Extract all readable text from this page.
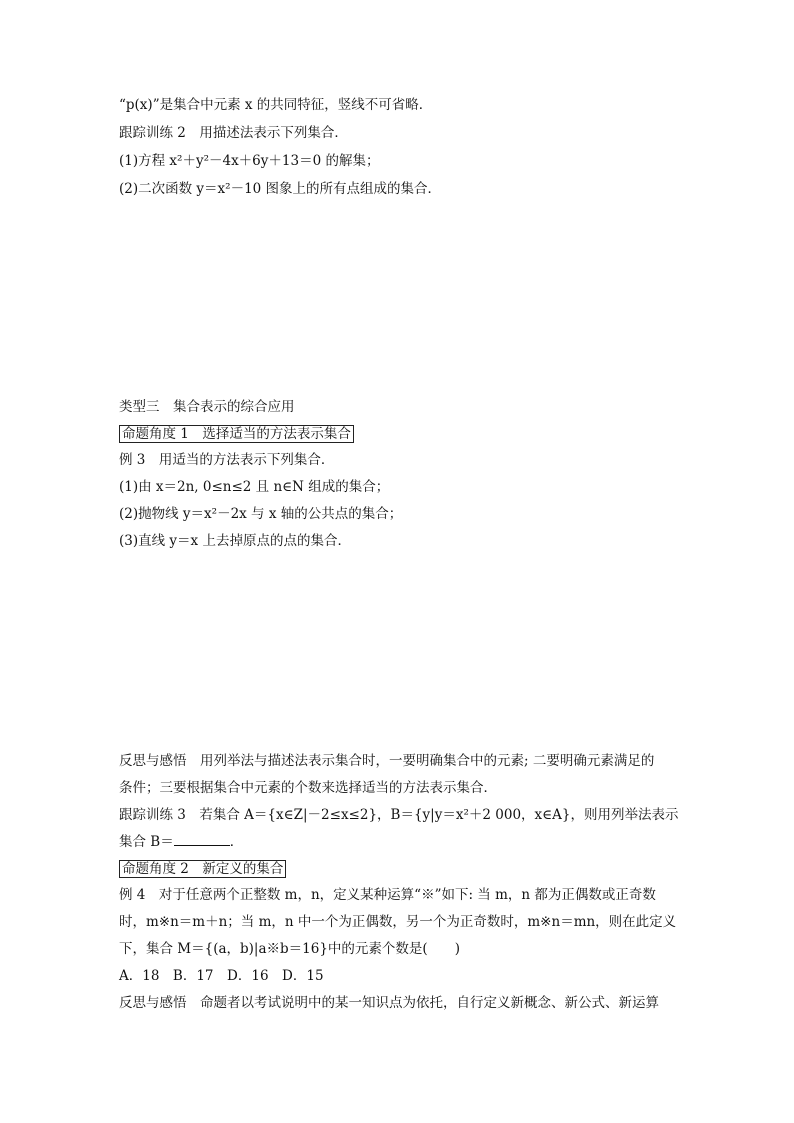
“p(x)”是集合中元素 x 的共同特征，竖线不可省略．
跟踪训练 2　用描述法表示下列集合．
(1)方程 x²＋y²－4x＋6y＋13＝0 的解集；
(2)二次函数 y＝x²－10 图象上的所有点组成的集合．
类型三　集合表示的综合应用
命题角度 1　选择适当的方法表示集合
例 3　用适当的方法表示下列集合．
(1)由 x＝2n, 0≤n≤2 且 n∈N 组成的集合；
(2)抛物线 y＝x²－2x 与 x 轴的公共点的集合；
(3)直线 y＝x 上去掉原点的点的集合．
反思与感悟　用列举法与描述法表示集合时，一要明确集合中的元素; 二要明确元素满足的
条件；三要根据集合中元素的个数来选择适当的方法表示集合．
跟踪训练 3　若集合 A＝{x∈Z|－2≤x≤2}，B＝{y|y＝x²＋2 000，x∈A}，则用列举法表示
集合 B＝	．
命题角度 2　新定义的集合
例 4　对于任意两个正整数 m，n，定义某种运算“※”如下: 当 m，n 都为正偶数或正奇数
时，m※n＝m＋n；当 m，n 中一个为正偶数，另一个为正奇数时，m※n＝mn，则在此定义
下，集合 M＝{(a，b)|a※b＝16}中的元素个数是(　　)
A．18　B．17　D．16　D．15
反思与感悟　命题者以考试说明中的某一知识点为依托，自行定义新概念、新公式、新运算
